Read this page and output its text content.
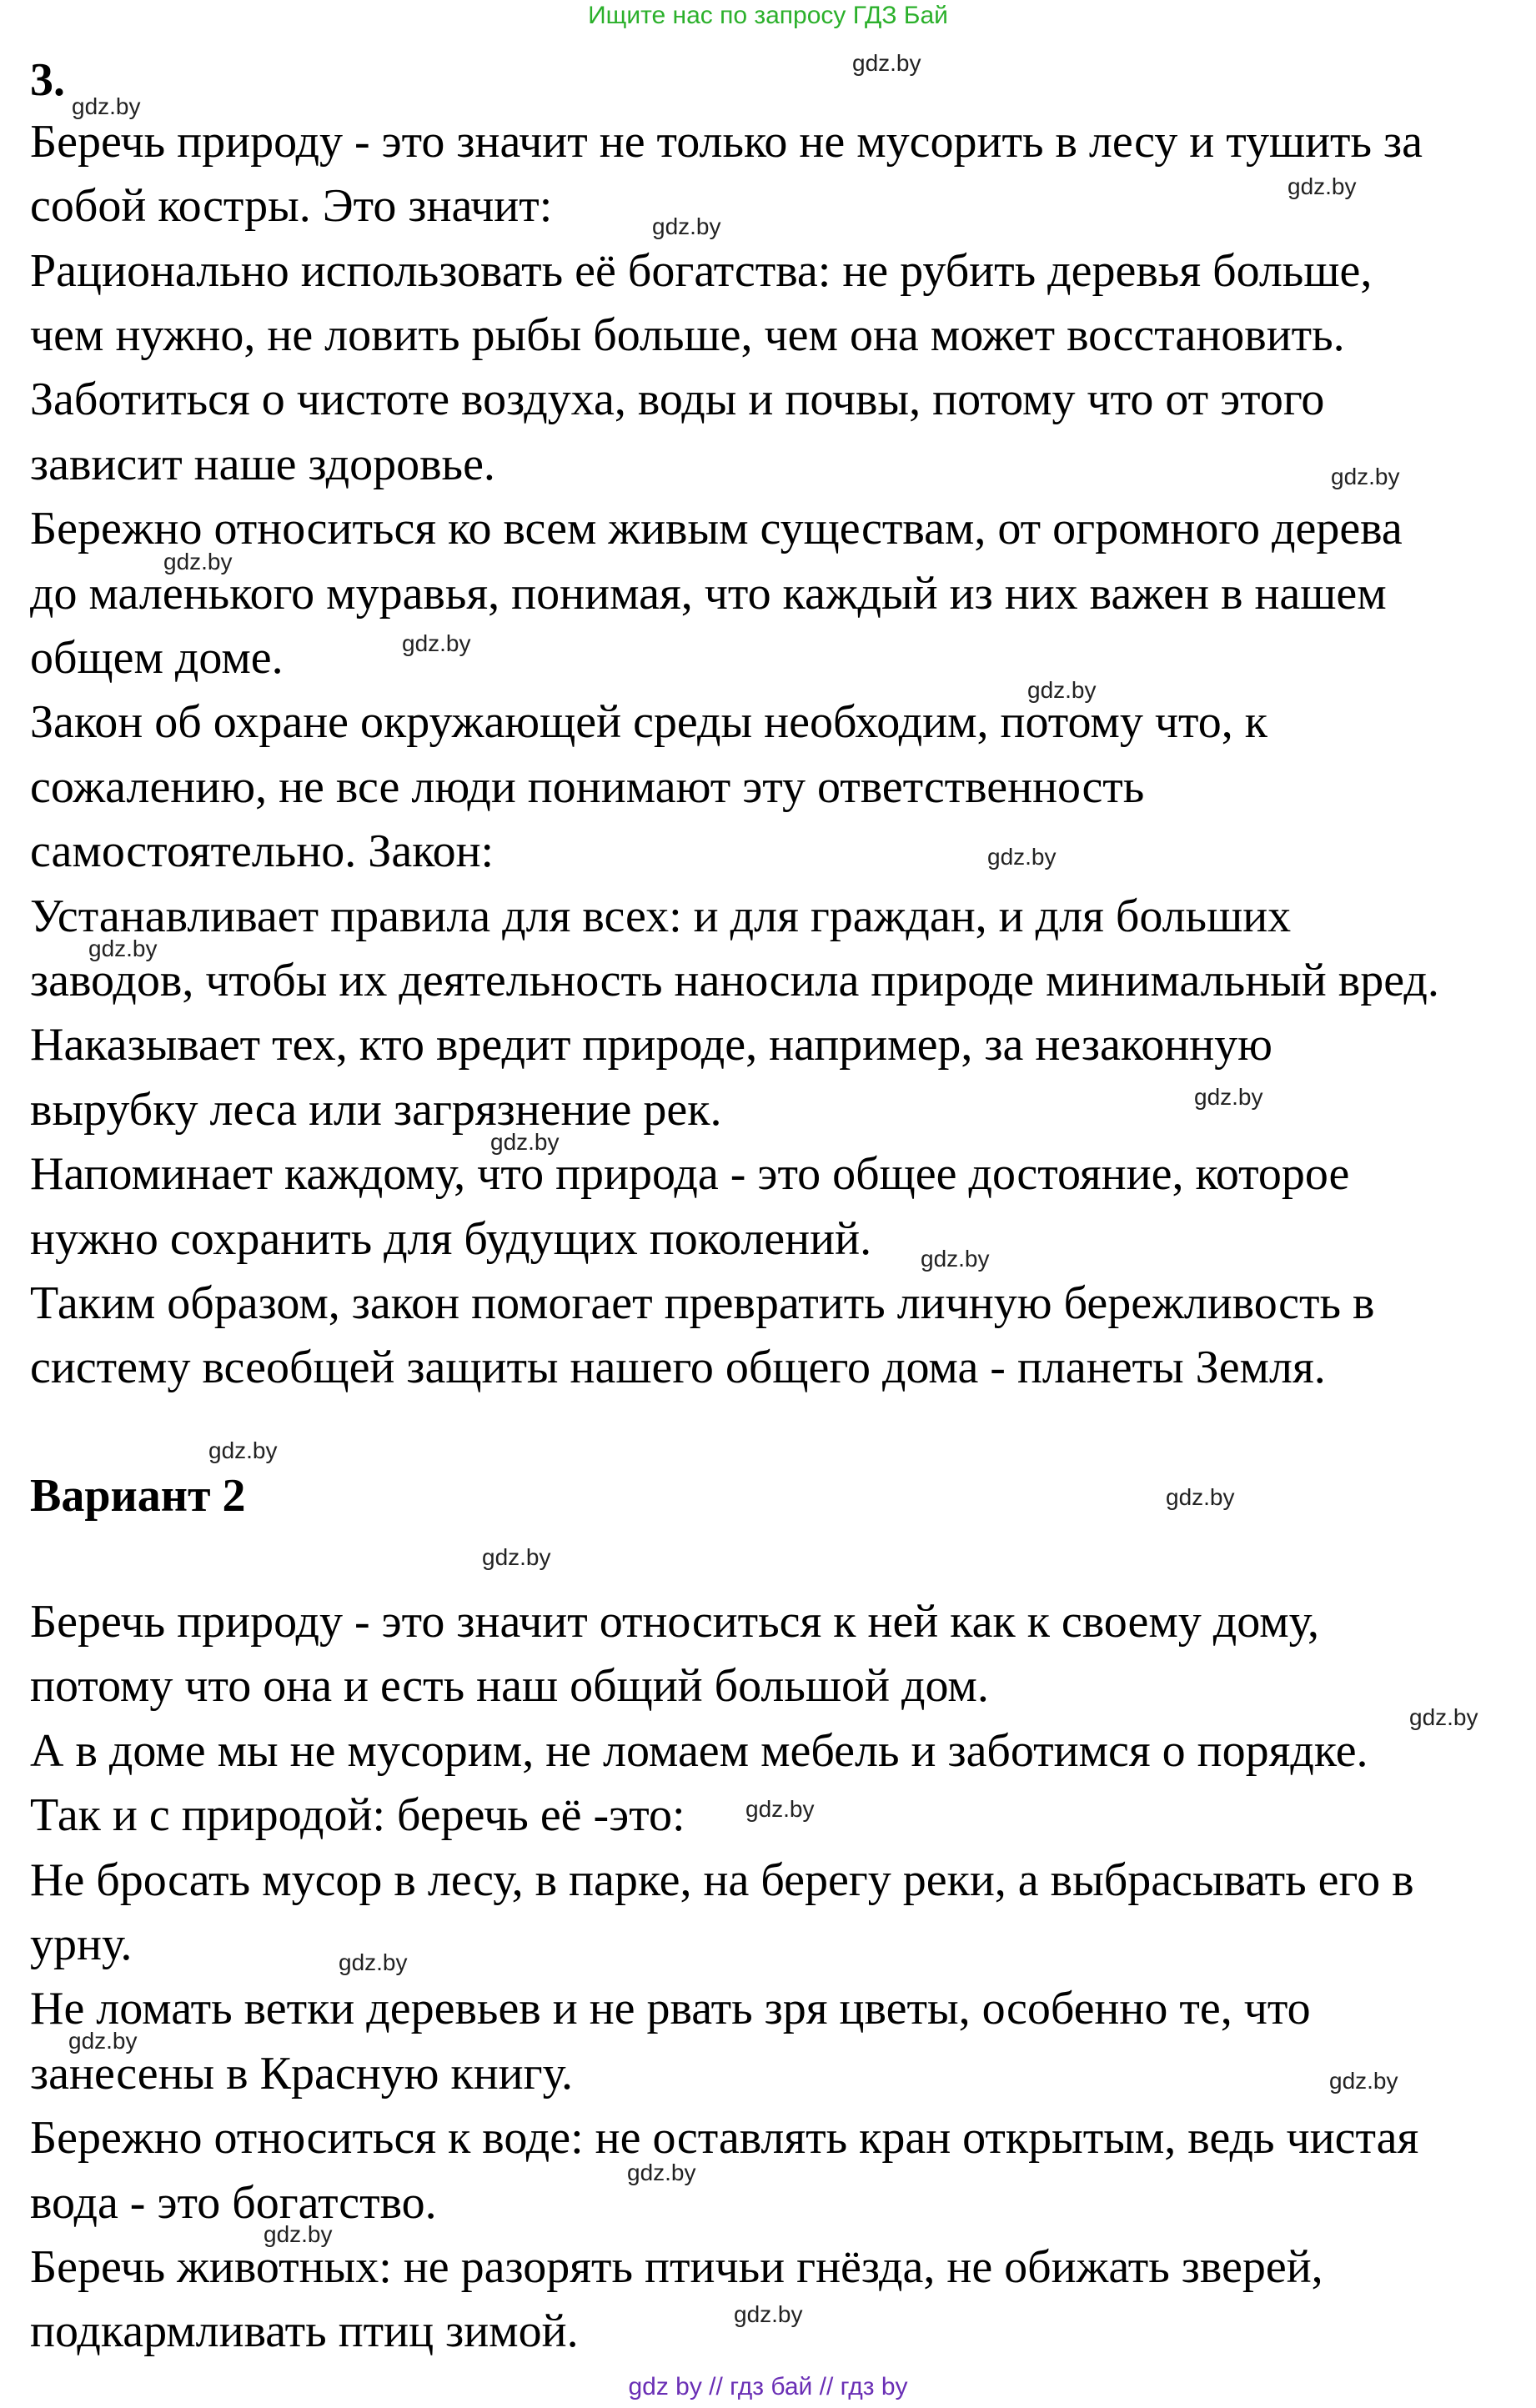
Ищите нас по запросу ГДЗ Бай
3.

Беречь природу - это значит не только не мусорить в лесу и тушить за

собой костры. Это значит:

Рационально использовать её богатства: не рубить деревья больше,

чем нужно, не ловить рыбы больше, чем она может восстановить.

Заботиться о чистоте воздуха, воды и почвы, потому что от этого

зависит наше здоровье.

Бережно относиться ко всем живым существам, от огромного дерева

до маленького муравья, понимая, что каждый из них важен в нашем

общем доме.

Закон об охране окружающей среды необходим, потому что, к

сожалению, не все люди понимают эту ответственность

самостоятельно. Закон:

Устанавливает правила для всех: и для граждан, и для больших

заводов, чтобы их деятельность наносила природе минимальный вред.

Наказывает тех, кто вредит природе, например, за незаконную

вырубку леса или загрязнение рек.

Напоминает каждому, что природа - это общее достояние, которое

нужно сохранить для будущих поколений.

Таким образом, закон помогает превратить личную бережливость в

систему всеобщей защиты нашего общего дома - планеты Земля.

Вариант 2

Беречь природу - это значит относиться к ней как к своему дому,

потому что она и есть наш общий большой дом.

А в доме мы не мусорим, не ломаем мебель и заботимся о порядке.

Так и с природой: беречь её -это:

Не бросать мусор в лесу, в парке, на берегу реки, а выбрасывать его в

урну.

Не ломать ветки деревьев и не рвать зря цветы, особенно те, что

занесены в Красную книгу.

Бережно относиться к воде: не оставлять кран открытым, ведь чистая

вода - это богатство.

Беречь животных: не разорять птичьи гнёзда, не обижать зверей,

подкармливать птиц зимой.

gdz.by
gdz.by
gdz.by
gdz.by
gdz.by
gdz.by
gdz.by
gdz.by
gdz.by
gdz.by
gdz.by
gdz.by
gdz.by
gdz.by
gdz.by
gdz.by
gdz.by
gdz.by
gdz.by
gdz.by
gdz.by
gdz.by
gdz.by
gdz.by
gdz by // гдз бай // гдз by
